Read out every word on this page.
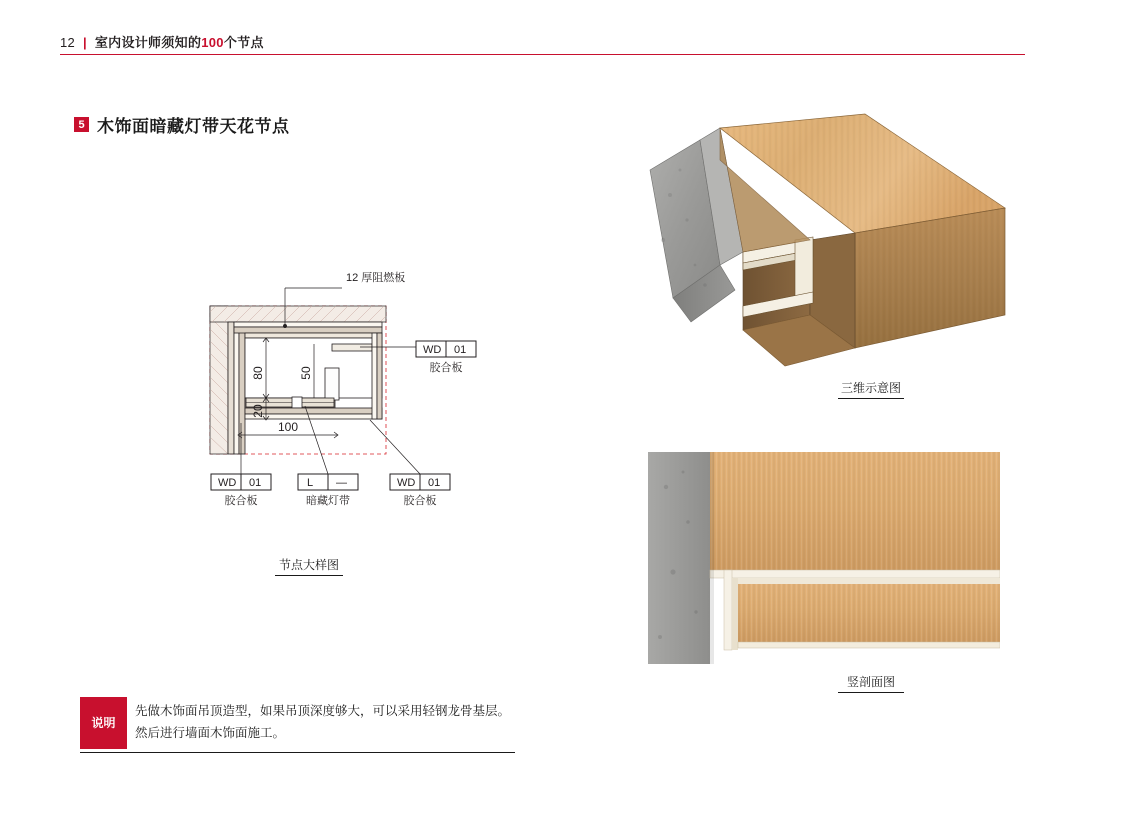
12 | 室内设计师须知的100个节点
5 木饰面暗藏灯带天花节点
12 厚阻燃板
80	50
20
100
WD 01
胶合板
WD 01
胶合板
WD 01
胶合板
L —
暗藏灯带
节点大样图
三维示意图
竖剖面图
说明
先做木饰面吊顶造型，如果吊顶深度够大，可以采用轻钢龙骨基层。
然后进行墙面木饰面施工。
